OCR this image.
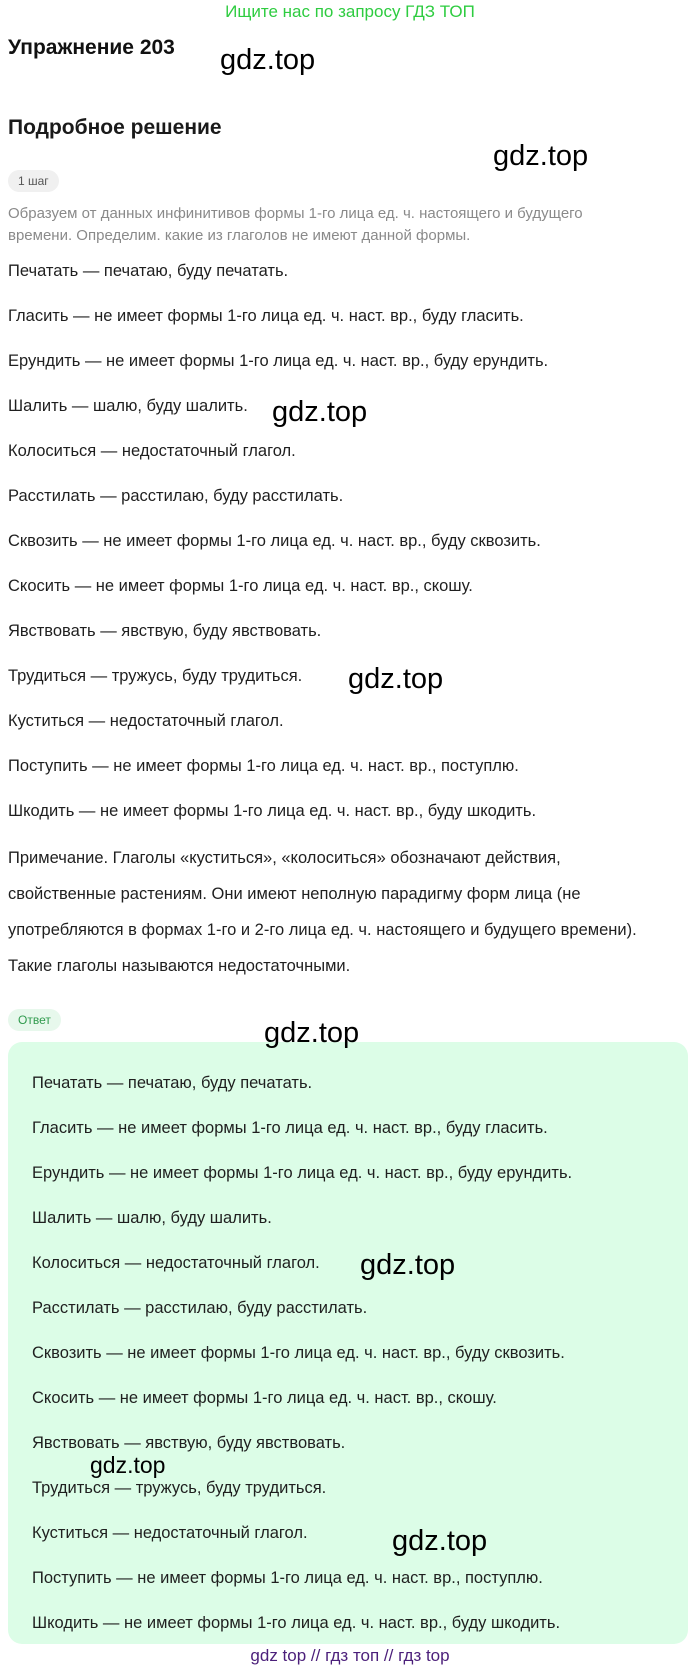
Ищите нас по запросу ГДЗ ТОП
Упражнение 203
Подробное решение
1 шаг
Образуем от данных инфинитивов формы 1-го лица ед. ч. настоящего и будущего времени. Определим. какие из глаголов не имеют данной формы.
Печатать — печатаю, буду печатать.
Гласить — не имеет формы 1-го лица ед. ч. наст. вр., буду гласить.
Ерундить — не имеет формы 1-го лица ед. ч. наст. вр., буду ерундить.
Шалить — шалю, буду шалить.
Колоситься — недостаточный глагол.
Расстилать — расстилаю, буду расстилать.
Сквозить — не имеет формы 1-го лица ед. ч. наст. вр., буду сквозить.
Скосить — не имеет формы 1-го лица ед. ч. наст. вр., скошу.
Явствовать — явствую, буду явствовать.
Трудиться — тружусь, буду трудиться.
Куститься — недостаточный глагол.
Поступить — не имеет формы 1-го лица ед. ч. наст. вр., поступлю.
Шкодить — не имеет формы 1-го лица ед. ч. наст. вр., буду шкодить.
Примечание. Глаголы «куститься», «колоситься» обозначают действия, свойственные растениям. Они имеют неполную парадигму форм лица (не употребляются в формах 1-го и 2-го лица ед. ч. настоящего и будущего времени). Такие глаголы называются недостаточными.
Ответ
Печатать — печатаю, буду печатать.
Гласить — не имеет формы 1-го лица ед. ч. наст. вр., буду гласить.
Ерундить — не имеет формы 1-го лица ед. ч. наст. вр., буду ерундить.
Шалить — шалю, буду шалить.
Колоситься — недостаточный глагол.
Расстилать — расстилаю, буду расстилать.
Сквозить — не имеет формы 1-го лица ед. ч. наст. вр., буду сквозить.
Скосить — не имеет формы 1-го лица ед. ч. наст. вр., скошу.
Явствовать — явствую, буду явствовать.
Трудиться — тружусь, буду трудиться.
Куститься — недостаточный глагол.
Поступить — не имеет формы 1-го лица ед. ч. наст. вр., поступлю.
Шкодить — не имеет формы 1-го лица ед. ч. наст. вр., буду шкодить.
gdz.top
gdz.top
gdz.top
gdz.top
gdz.top
gdz.top
gdz.top
gdz.top
gdz top // гдз топ // гдз top
